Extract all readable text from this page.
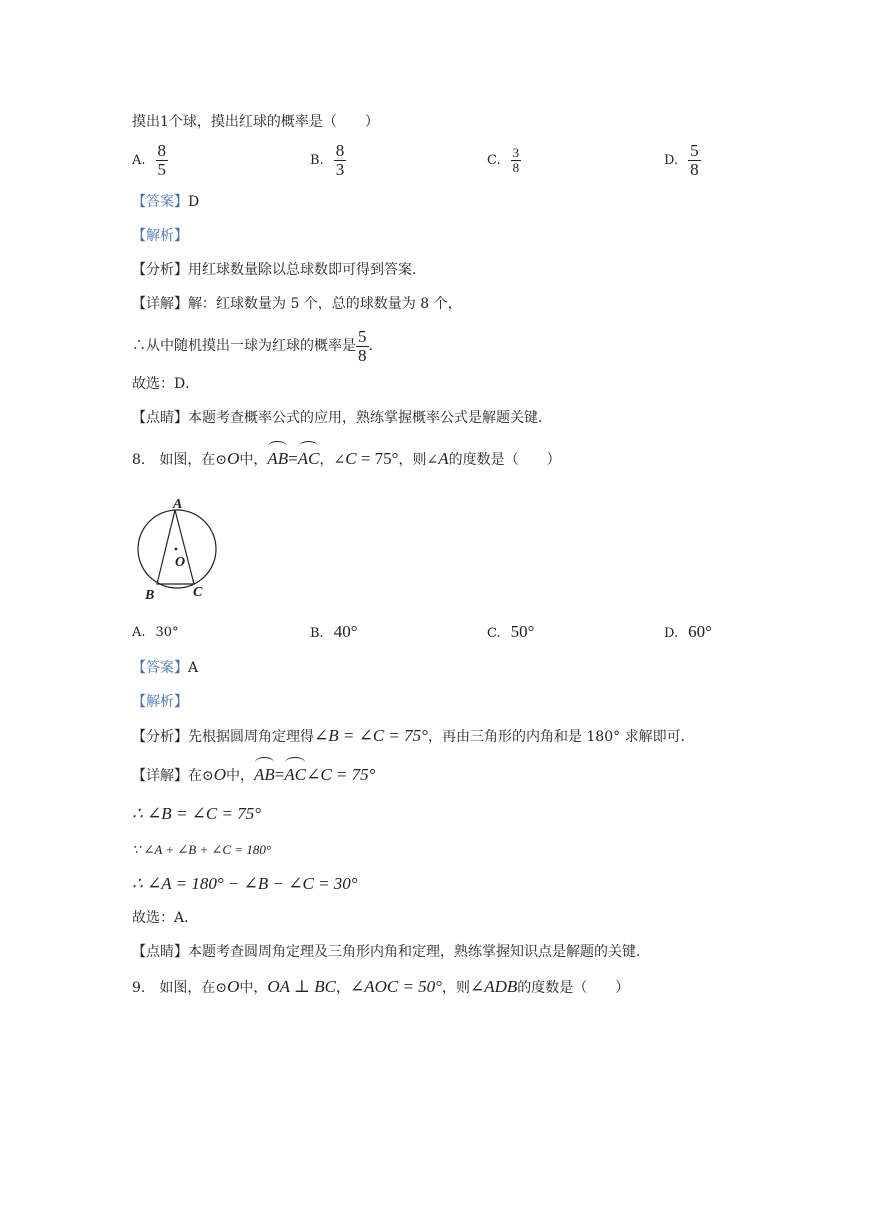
摸出1个球，摸出红球的概率是（　　）
A. $\frac{8}{5}$	B. $\frac{8}{3}$	C. $\frac{3}{8}$	D. $\frac{5}{8}$
【答案】D
【解析】
【分析】用红球数量除以总球数即可得到答案．
【详解】解：红球数量为 5 个，总的球数量为 8 个，
∴从中随机摸出一球为红球的概率是 $\frac{5}{8}$ ．
故选：D．
【点睛】本题考查概率公式的应用，熟练掌握概率公式是解题关键．
8.　如图，在⊙O中，AB=AC，∠C = 75°，则∠A的度数是（　　）
A
O
B	C
A. 30°	B. 40°	C. 50°	D. 60°
【答案】A
【解析】
【分析】先根据圆周角定理得∠B = ∠C = 75°，再由三角形的内角和是 180° 求解即可．
【详解】在⊙O中，AB=AC∠C = 75°
∴ ∠B = ∠C = 75°
∵ ∠A + ∠B + ∠C = 180°
∴ ∠A = 180° − ∠B − ∠C = 30°
故选：A．
【点睛】本题考查圆周角定理及三角形内角和定理，熟练掌握知识点是解题的关键．
9.　如图，在⊙O中，OA ⊥ BC，∠AOC = 50°，则∠ADB的度数是（　　）
